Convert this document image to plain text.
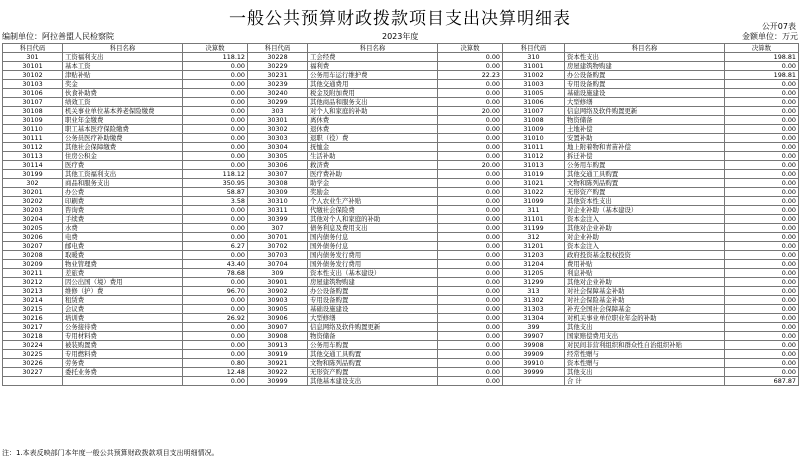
一般公共预算财政拨款项目支出决算明细表	公开07表
编制单位：阿拉善盟人民检察院	2023年度	金额单位：万元
科目代码	科目名称	决算数	科目代码	科目名称	决算数	科目代码	科目名称	决算数
301	工资福利支出	118.12	30228	工会经费	0.00	310	资本性支出	198.81
30101	基本工资	0.00	30229	福利费	0.00	31001	房屋建筑物购建	0.00
30102	津贴补贴	0.00	30231	公务用车运行维护费	22.23	31002	办公设备购置	198.81
30103	奖金	0.00	30239	其他交通费用	0.00	31003	专用设备购置	0.00
30106	伙食补助费	0.00	30240	税金及附加费用	0.00	31005	基础设施建设	0.00
30107	绩效工资	0.00	30299	其他商品和服务支出	0.00	31006	大型修缮	0.00
30108	机关事业单位基本养老保险缴费	0.00	303	对个人和家庭的补助	20.00	31007	信息网络及软件购置更新	0.00
30109	职业年金缴费	0.00	30301	离休费	0.00	31008	物资储备	0.00
30110	职工基本医疗保险缴费	0.00	30302	退休费	0.00	31009	土地补偿	0.00
30111	公务员医疗补助缴费	0.00	30303	退职（役）费	0.00	31010	安置补助	0.00
30112	其他社会保障缴费	0.00	30304	抚恤金	0.00	31011	地上附着物和青苗补偿	0.00
30113	住房公积金	0.00	30305	生活补助	0.00	31012	拆迁补偿	0.00
30114	医疗费	0.00	30306	救济费	20.00	31013	公务用车购置	0.00
30199	其他工资福利支出	118.12	30307	医疗费补助	0.00	31019	其他交通工具购置	0.00
302	商品和服务支出	350.95	30308	助学金	0.00	31021	文物和陈列品购置	0.00
30201	办公费	58.87	30309	奖励金	0.00	31022	无形资产购置	0.00
30202	印刷费	3.58	30310	个人农业生产补贴	0.00	31099	其他资本性支出	0.00
30203	咨询费	0.00	30311	代缴社会保险费	0.00	311	对企业补助（基本建设）	0.00
30204	手续费	0.00	30399	其他对个人和家庭的补助	0.00	31101	资本金注入	0.00
30205	水费	0.00	307	债务利息及费用支出	0.00	31199	其他对企业补助	0.00
30206	电费	0.00	30701	国内债务付息	0.00	312	对企业补助	0.00
30207	邮电费	6.27	30702	国外债务付息	0.00	31201	资本金注入	0.00
30208	取暖费	0.00	30703	国内债务发行费用	0.00	31203	政府投资基金股权投资	0.00
30209	物业管理费	43.40	30704	国外债务发行费用	0.00	31204	费用补贴	0.00
30211	差旅费	78.68	309	资本性支出（基本建设）	0.00	31205	利息补贴	0.00
30212	因公出国（境）费用	0.00	30901	房屋建筑物购建	0.00	31299	其他对企业补助	0.00
30213	维修（护）费	96.70	30902	办公设备购置	0.00	313	对社会保障基金补助	0.00
30214	租赁费	0.00	30903	专用设备购置	0.00	31302	对社会保险基金补助	0.00
30215	会议费	0.00	30905	基础设施建设	0.00	31303	补充全国社会保障基金	0.00
30216	培训费	26.92	30906	大型修缮	0.00	31304	对机关事业单位职业年金的补助	0.00
30217	公务接待费	0.00	30907	信息网络及软件购置更新	0.00	399	其他支出	0.00
30218	专用材料费	0.00	30908	物资储备	0.00	39907	国家赔偿费用支出	0.00
30224	被装购置费	0.00	30913	公务用车购置	0.00	39908	对民间非营利组织和群众性自治组织补贴	0.00
30225	专用燃料费	0.00	30919	其他交通工具购置	0.00	39909	经常性赠与	0.00
30226	劳务费	0.80	30921	文物和陈列品购置	0.00	39910	资本性赠与	0.00
30227	委托业务费	12.48	30922	无形资产购置	0.00	39999	其他支出	0.00
		0.00	30999	其他基本建设支出	0.00		合 计	687.87
注：1.本表反映部门本年度一般公共预算财政拨款项目支出明细情况。
